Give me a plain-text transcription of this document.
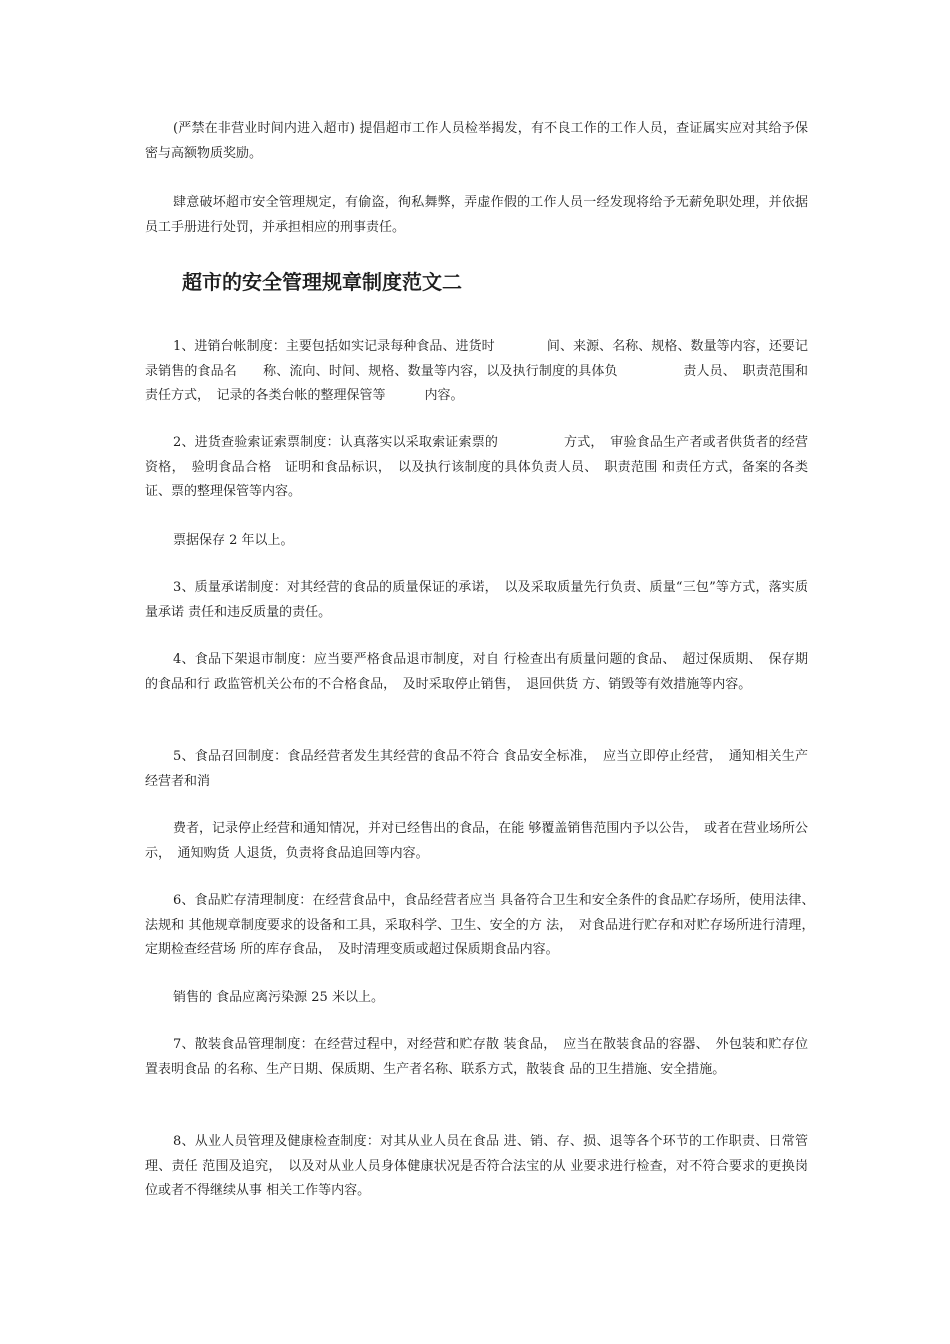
(严禁在非营业时间内进入超市) 提倡超市工作人员检举揭发，有不良工作的工作人员，查证属实应对其给予保密与高额物质奖励。

肆意破坏超市安全管理规定，有偷盗，徇私舞弊，弄虚作假的工作人员一经发现将给予无薪免职处理，并依据员工手册进行处罚，并承担相应的刑事责任。

超市的安全管理规章制度范文二

1、进销台帐制度：主要包括如实记录每种食品、进货时　　　　间、来源、名称、规格、数量等内容，还要记录销售的食品名　　称、流向、时间、规格、数量等内容，以及执行制度的具体负　　　　　责人员、　职责范围和责任方式，　记录的各类台帐的整理保管等　　　内容。

2、进货查验索证索票制度：认真落实以采取索证索票的　　　　　方式，　审验食品生产者或者供货者的经营资格，　验明食品合格　证明和食品标识，　以及执行该制度的具体负责人员、　职责范围 和责任方式，备案的各类证、票的整理保管等内容。

票据保存 2 年以上。

3、质量承诺制度：对其经营的食品的质量保证的承诺，　以及采取质量先行负责、质量“三包”等方式，落实质量承诺 责任和违反质量的责任。

4、食品下架退市制度：应当要严格食品退市制度，对自 行检查出有质量问题的食品、　超过保质期、　保存期的食品和行 政监管机关公布的不合格食品，　及时采取停止销售，　退回供货 方、销毁等有效措施等内容。

5、食品召回制度：食品经营者发生其经营的食品不符合 食品安全标准，　应当立即停止经营，　通知相关生产经营者和消

费者，记录停止经营和通知情况，并对已经售出的食品，在能 够覆盖销售范围内予以公告，　或者在营业场所公示，　通知购货 人退货，负责将食品追回等内容。

6、食品贮存清理制度：在经营食品中，食品经营者应当 具备符合卫生和安全条件的食品贮存场所，使用法律、　法规和 其他规章制度要求的设备和工具，采取科学、卫生、安全的方 法，　对食品进行贮存和对贮存场所进行清理，　定期检查经营场 所的库存食品，　及时清理变质或超过保质期食品内容。

销售的 食品应离污染源 25 米以上。

7、散装食品管理制度：在经营过程中，对经营和贮存散 装食品，　应当在散装食品的容器、　外包装和贮存位置表明食品 的名称、生产日期、保质期、生产者名称、联系方式，散装食 品的卫生措施、安全措施。

8、从业人员管理及健康检查制度：对其从业人员在食品 进、销、存、损、退等各个环节的工作职责、日常管理、责任 范围及追究，　以及对从业人员身体健康状况是否符合法宝的从 业要求进行检查，对不符合要求的更换岗位或者不得继续从事 相关工作等内容。
